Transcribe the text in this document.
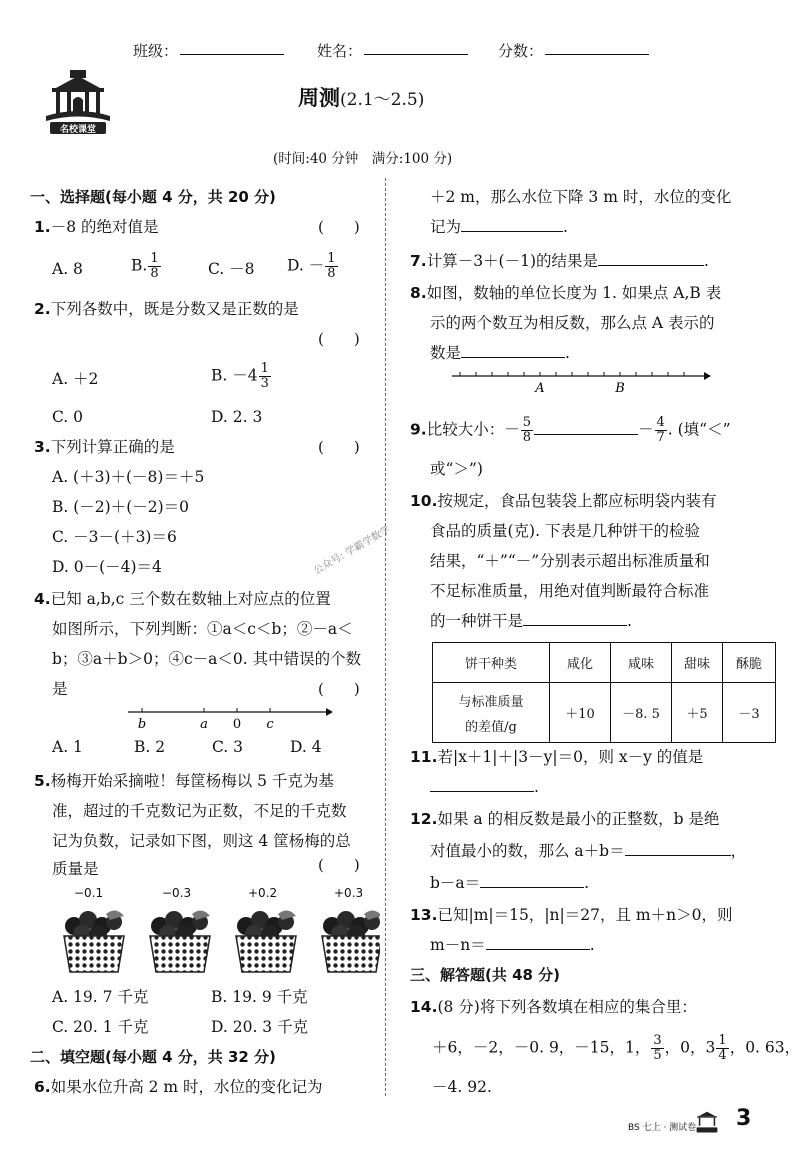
班级：	姓名：	分数：
名校课堂
周测(2.1～2.5)
(时间:40 分钟　满分:100 分)
一、选择题(每小题 4 分，共 20 分)
1.－8 的绝对值是	(　　)
A. 8	B. $\frac{1}{8}$	C. －8 D. － $\frac{1}{8}$
2.下列各数中，既是分数又是正数的是
(　　)
A. ＋2	B. $-4 \frac{1}{3}$
C. 0	D. 2. 3
3.下列计算正确的是	(　　)
A. (＋3)＋(－8)＝＋5
B. (－2)＋(－2)＝0
C. －3－(＋3)＝6
D. 0－(－4)＝4
4.已知 a,b,c 三个数在数轴上对应点的位置
如图所示，下列判断：①a＜c＜b；②－a＜
b；③a＋b＞0；④c－a＜0. 其中错误的个数
是	(　　)
b	a 0 c
A. 1	B. 2	C. 3	D. 4
5.杨梅开始采摘啦！每筐杨梅以 5 千克为基
准，超过的千克数记为正数，不足的千克数
记为负数，记录如下图，则这 4 筐杨梅的总
质量是	(　　)
−0.1	−0.3	+0.2	+0.3
A. 19. 7 千克	B. 19. 9 千克
C. 20. 1 千克	D. 20. 3 千克
二、填空题(每小题 4 分，共 32 分)
6.如果水位升高 2 m 时，水位的变化记为
＋2 m，那么水位下降 3 m 时，水位的变化
记为	.
7.计算－3＋(－1)的结果是	.
8.如图，数轴的单位长度为 1. 如果点 A,B 表
示的两个数互为相反数，那么点 A 表示的
数是	.
A	B
9.比较大小：－ $\frac{5}{8}$	－ $\frac{4}{7}$ . (填“＜”
或“＞”)
10.按规定，食品包装袋上都应标明袋内装有
食品的质量(克). 下表是几种饼干的检验
结果，“＋”“－”分别表示超出标准质量和
不足标准质量，用绝对值判断最符合标准
的一种饼干是	.
饼干种类	咸化	咸味	甜味	酥脆

与标准质量
的差值/g	＋10	－8. 5	＋5	－3
11.若|x＋1|＋|3－y|＝0，则 x－y 的值是
.
12.如果 a 的相反数是最小的正整数，b 是绝
对值最小的数，那么 a＋b＝	，
b－a＝	.
13.已知|m|＝15，|n|＝27，且 m＋n＞0，则
m－n＝	.
三、解答题(共 48 分)
14.(8 分)将下列各数填在相应的集合里：
＋6，－2，－0. 9，－15，1， $\frac{3}{5}$ ，0，$3 \frac{1}{4}$ ，0. 63，
－4. 92.
公众号: 学霸学数学
BS 七上 · 测试卷 3
